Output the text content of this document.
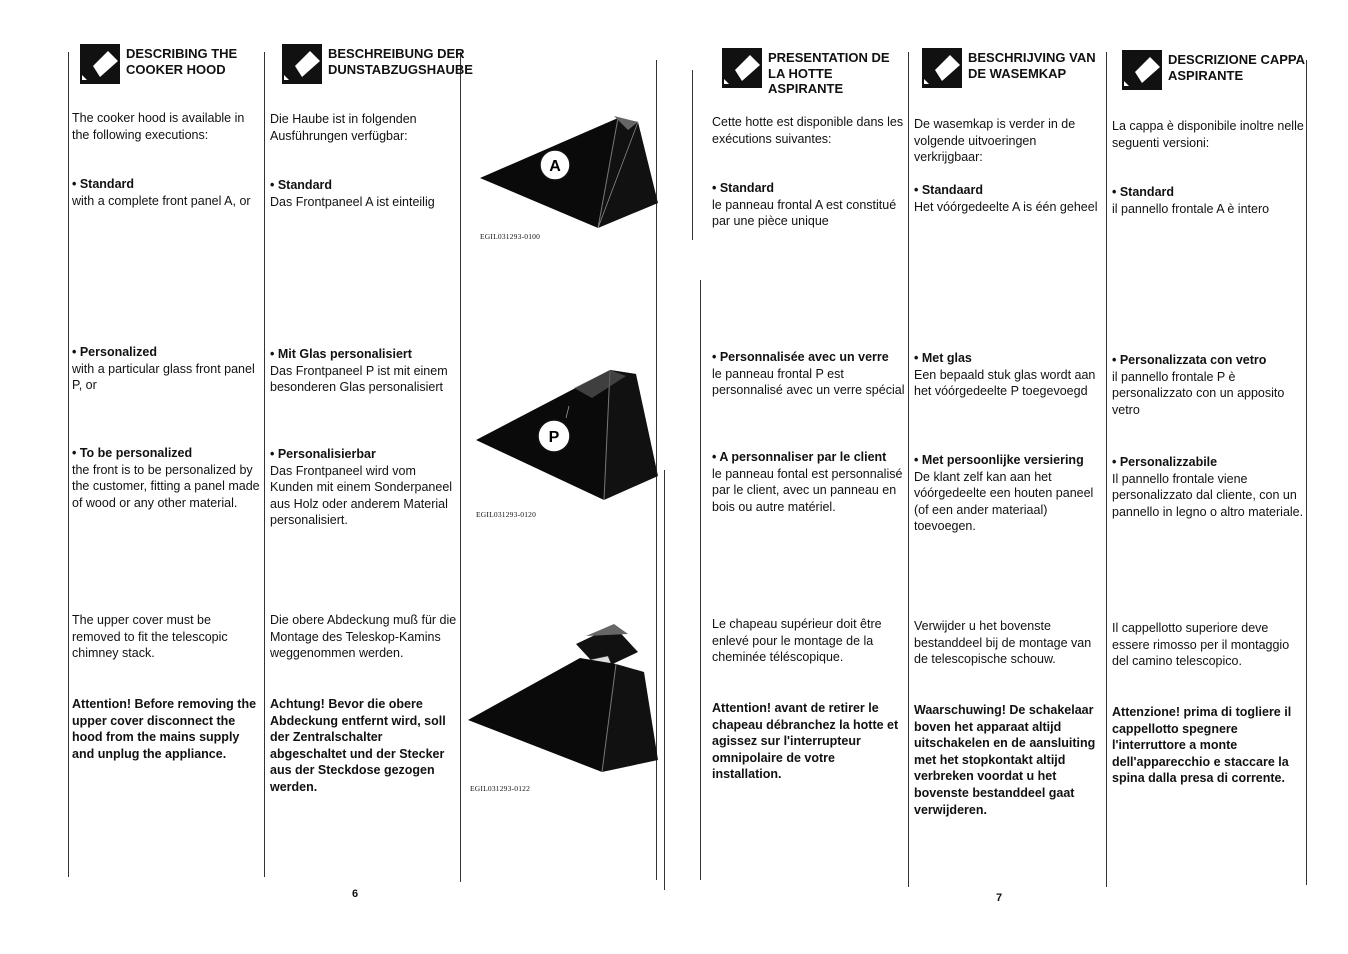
DESCRIBING THE COOKER HOOD

The cooker hood is available in the following executions:

• Standard

with a complete front panel A, or

• Personalized

with a particular glass front panel P, or

• To be personalized

the front is to be personalized by the customer, fitting a panel made of wood or any other material.

The upper cover must be removed to fit the telescopic chimney stack.

Attention! Before removing the upper cover disconnect the hood from the mains supply and unplug the appliance.

BESCHREIBUNG DER DUNSTABZUGSHAUBE

Die Haube ist in folgenden Ausführungen verfügbar:

• Standard

Das Frontpaneel A ist einteilig

• Mit Glas personalisiert

Das Frontpaneel P ist mit einem besonderen Glas personalisiert

• Personalisierbar

Das Frontpaneel wird vom Kunden mit einem Sonderpaneel aus Holz oder anderem Material personalisiert.

Die obere Abdeckung muß für die Montage des Teleskop-Kamins weggenommen werden.

Achtung! Bevor die obere Abdeckung entfernt wird, soll der Zentralschalter abgeschaltet und der Stecker aus der Steckdose gezogen werden.

A
EGIL031293-0100
P
EGIL031293-0120
EGIL031293-0122
PRESENTATION DE LA HOTTE ASPIRANTE

Cette hotte est disponible dans les exécutions suivantes:

• Standard

le panneau frontal A est constitué par une pièce unique

• Personnalisée avec un verre

le panneau frontal P est personnalisé avec un verre spécial

• A personnaliser par le client

le panneau fontal est personnalisé par le client, avec un panneau en bois ou autre matériel.

Le chapeau supérieur doit être enlevé pour le montage de la cheminée téléscopique.

Attention! avant de retirer le chapeau débranchez la hotte et agissez sur l'interrupteur omnipolaire de votre installation.

BESCHRIJVING VAN DE WASEMKAP

De wasemkap is verder in de volgende uitvoeringen verkrijgbaar:

• Standaard

Het vóórgedeelte A is één geheel

• Met glas

Een bepaald stuk glas wordt aan het vóórgedeelte P toegevoegd

• Met persoonlijke versiering

De klant zelf kan aan het vóórgedeelte een houten paneel (of een ander materiaal) toevoegen.

Verwijder u het bovenste bestanddeel bij de montage van de telescopische schouw.

Waarschuwing! De schakelaar boven het apparaat altijd uitschakelen en de aansluiting met het stopkontakt altijd verbreken voordat u het bovenste bestanddeel gaat verwijderen.

DESCRIZIONE CAPPA ASPIRANTE

La cappa è disponibile inoltre nelle seguenti versioni:

• Standard

il pannello frontale A è intero

• Personalizzata con vetro

il pannello frontale P è personalizzato con un apposito vetro

• Personalizzabile

Il pannello frontale viene personalizzato dal cliente, con un pannello in legno o altro materiale.

Il cappellotto superiore deve essere rimosso per il montaggio del camino telescopico.

Attenzione! prima di togliere il cappellotto spegnere l'interruttore a monte dell'apparecchio e staccare la spina dalla presa di corrente.

6	7
